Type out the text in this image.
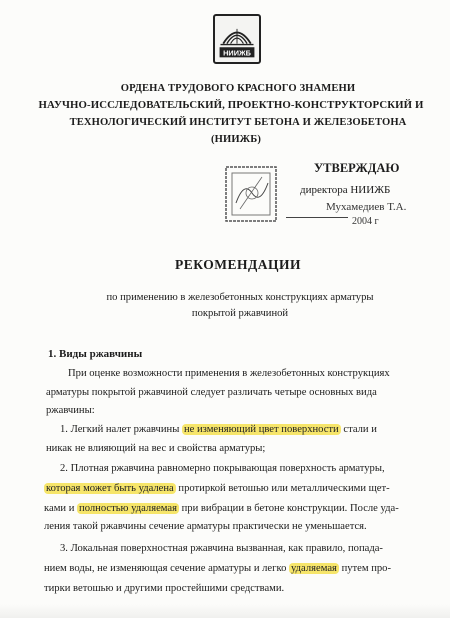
НИИЖБ
ОРДЕНА ТРУДОВОГО КРАСНОГО ЗНАМЕНИ
НАУЧНО-ИССЛЕДОВАТЕЛЬСКИЙ, ПРОЕКТНО-КОНСТРУКТОРСКИЙ И
ТЕХНОЛОГИЧЕСКИЙ ИНСТИТУТ БЕТОНА И ЖЕЛЕЗОБЕТОНА
(НИИЖБ)
УТВЕРЖДАЮ
директора НИИЖБ
Мухамедиев Т.А.
2004 г
РЕКОМЕНДАЦИИ
по применению в железобетонных конструкциях арматуры
покрытой ржавчиной
1. Виды ржавчины
При оценке возможности применения в железобетонных конструкциях
арматуры покрытой ржавчиной следует различать четыре основных вида
ржавчины:
1. Легкий налет ржавчины не изменяющий цвет поверхности стали и
никак не влияющий на вес и свойства арматуры;
2. Плотная ржавчина равномерно покрывающая поверхность арматуры,
которая может быть удалена протиркой ветошью или металлическими щет-
ками и полностью удаляемая при вибрации в бетоне конструкции. После уда-
ления такой ржавчины сечение арматуры практически не уменьшается.
3. Локальная поверхностная ржавчина вызванная, как правило, попада-
нием воды, не изменяющая сечение арматуры и легко удаляемая путем про-
тирки ветошью и другими простейшими средствами.
